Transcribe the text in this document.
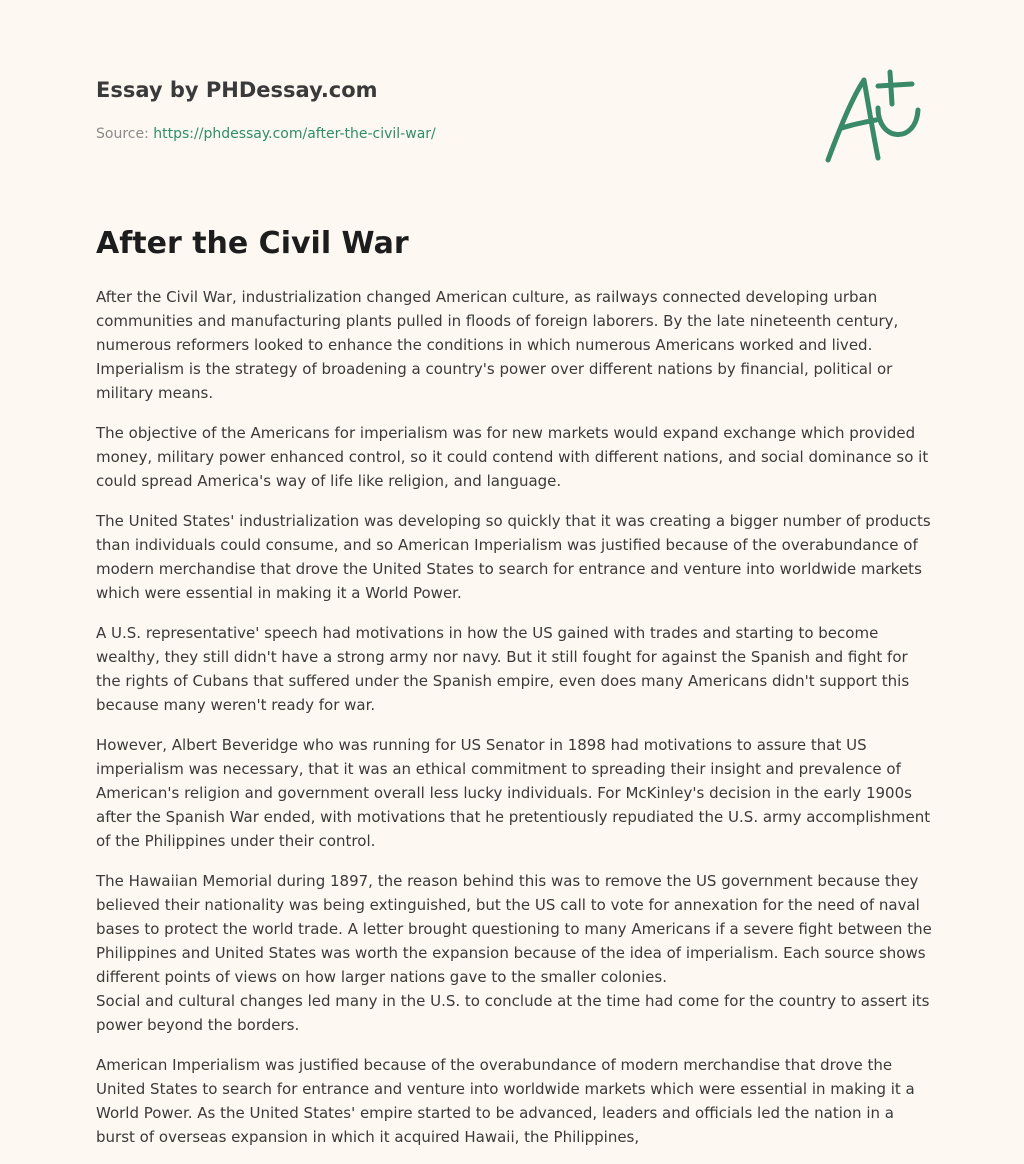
Essay by PHDessay.com
Source: https://phdessay.com/after-the-civil-war/
After the Civil War

After the Civil War, industrialization changed American culture, as railways connected developing urban communities and manufacturing plants pulled in floods of foreign laborers. By the late nineteenth century, numerous reformers looked to enhance the conditions in which numerous Americans worked and lived. Imperialism is the strategy of broadening a country's power over different nations by financial, political or military means.

The objective of the Americans for imperialism was for new markets would expand exchange which provided money, military power enhanced control, so it could contend with different nations, and social dominance so it could spread America's way of life like religion, and language.

The United States' industrialization was developing so quickly that it was creating a bigger number of products than individuals could consume, and so American Imperialism was justified because of the overabundance of modern merchandise that drove the United States to search for entrance and venture into worldwide markets which were essential in making it a World Power.

A U.S. representative' speech had motivations in how the US gained with trades and starting to become wealthy, they still didn't have a strong army nor navy. But it still fought for against the Spanish and fight for the rights of Cubans that suffered under the Spanish empire, even does many Americans didn't support this because many weren't ready for war.

However, Albert Beveridge who was running for US Senator in 1898 had motivations to assure that US imperialism was necessary, that it was an ethical commitment to spreading their insight and prevalence of American's religion and government overall less lucky individuals. For McKinley's decision in the early 1900s after the Spanish War ended, with motivations that he pretentiously repudiated the U.S. army accomplishment of the Philippines under their control.

The Hawaiian Memorial during 1897, the reason behind this was to remove the US government because they believed their nationality was being extinguished, but the US call to vote for annexation for the need of naval bases to protect the world trade. A letter brought questioning to many Americans if a severe fight between the Philippines and United States was worth the expansion because of the idea of imperialism. Each source shows different points of views on how larger nations gave to the smaller colonies.

Social and cultural changes led many in the U.S. to conclude at the time had come for the country to assert its power beyond the borders.

American Imperialism was justified because of the overabundance of modern merchandise that drove the United States to search for entrance and venture into worldwide markets which were essential in making it a World Power. As the United States' empire started to be advanced, leaders and officials led the nation in a burst of overseas expansion in which it acquired Hawaii, the Philippines,
